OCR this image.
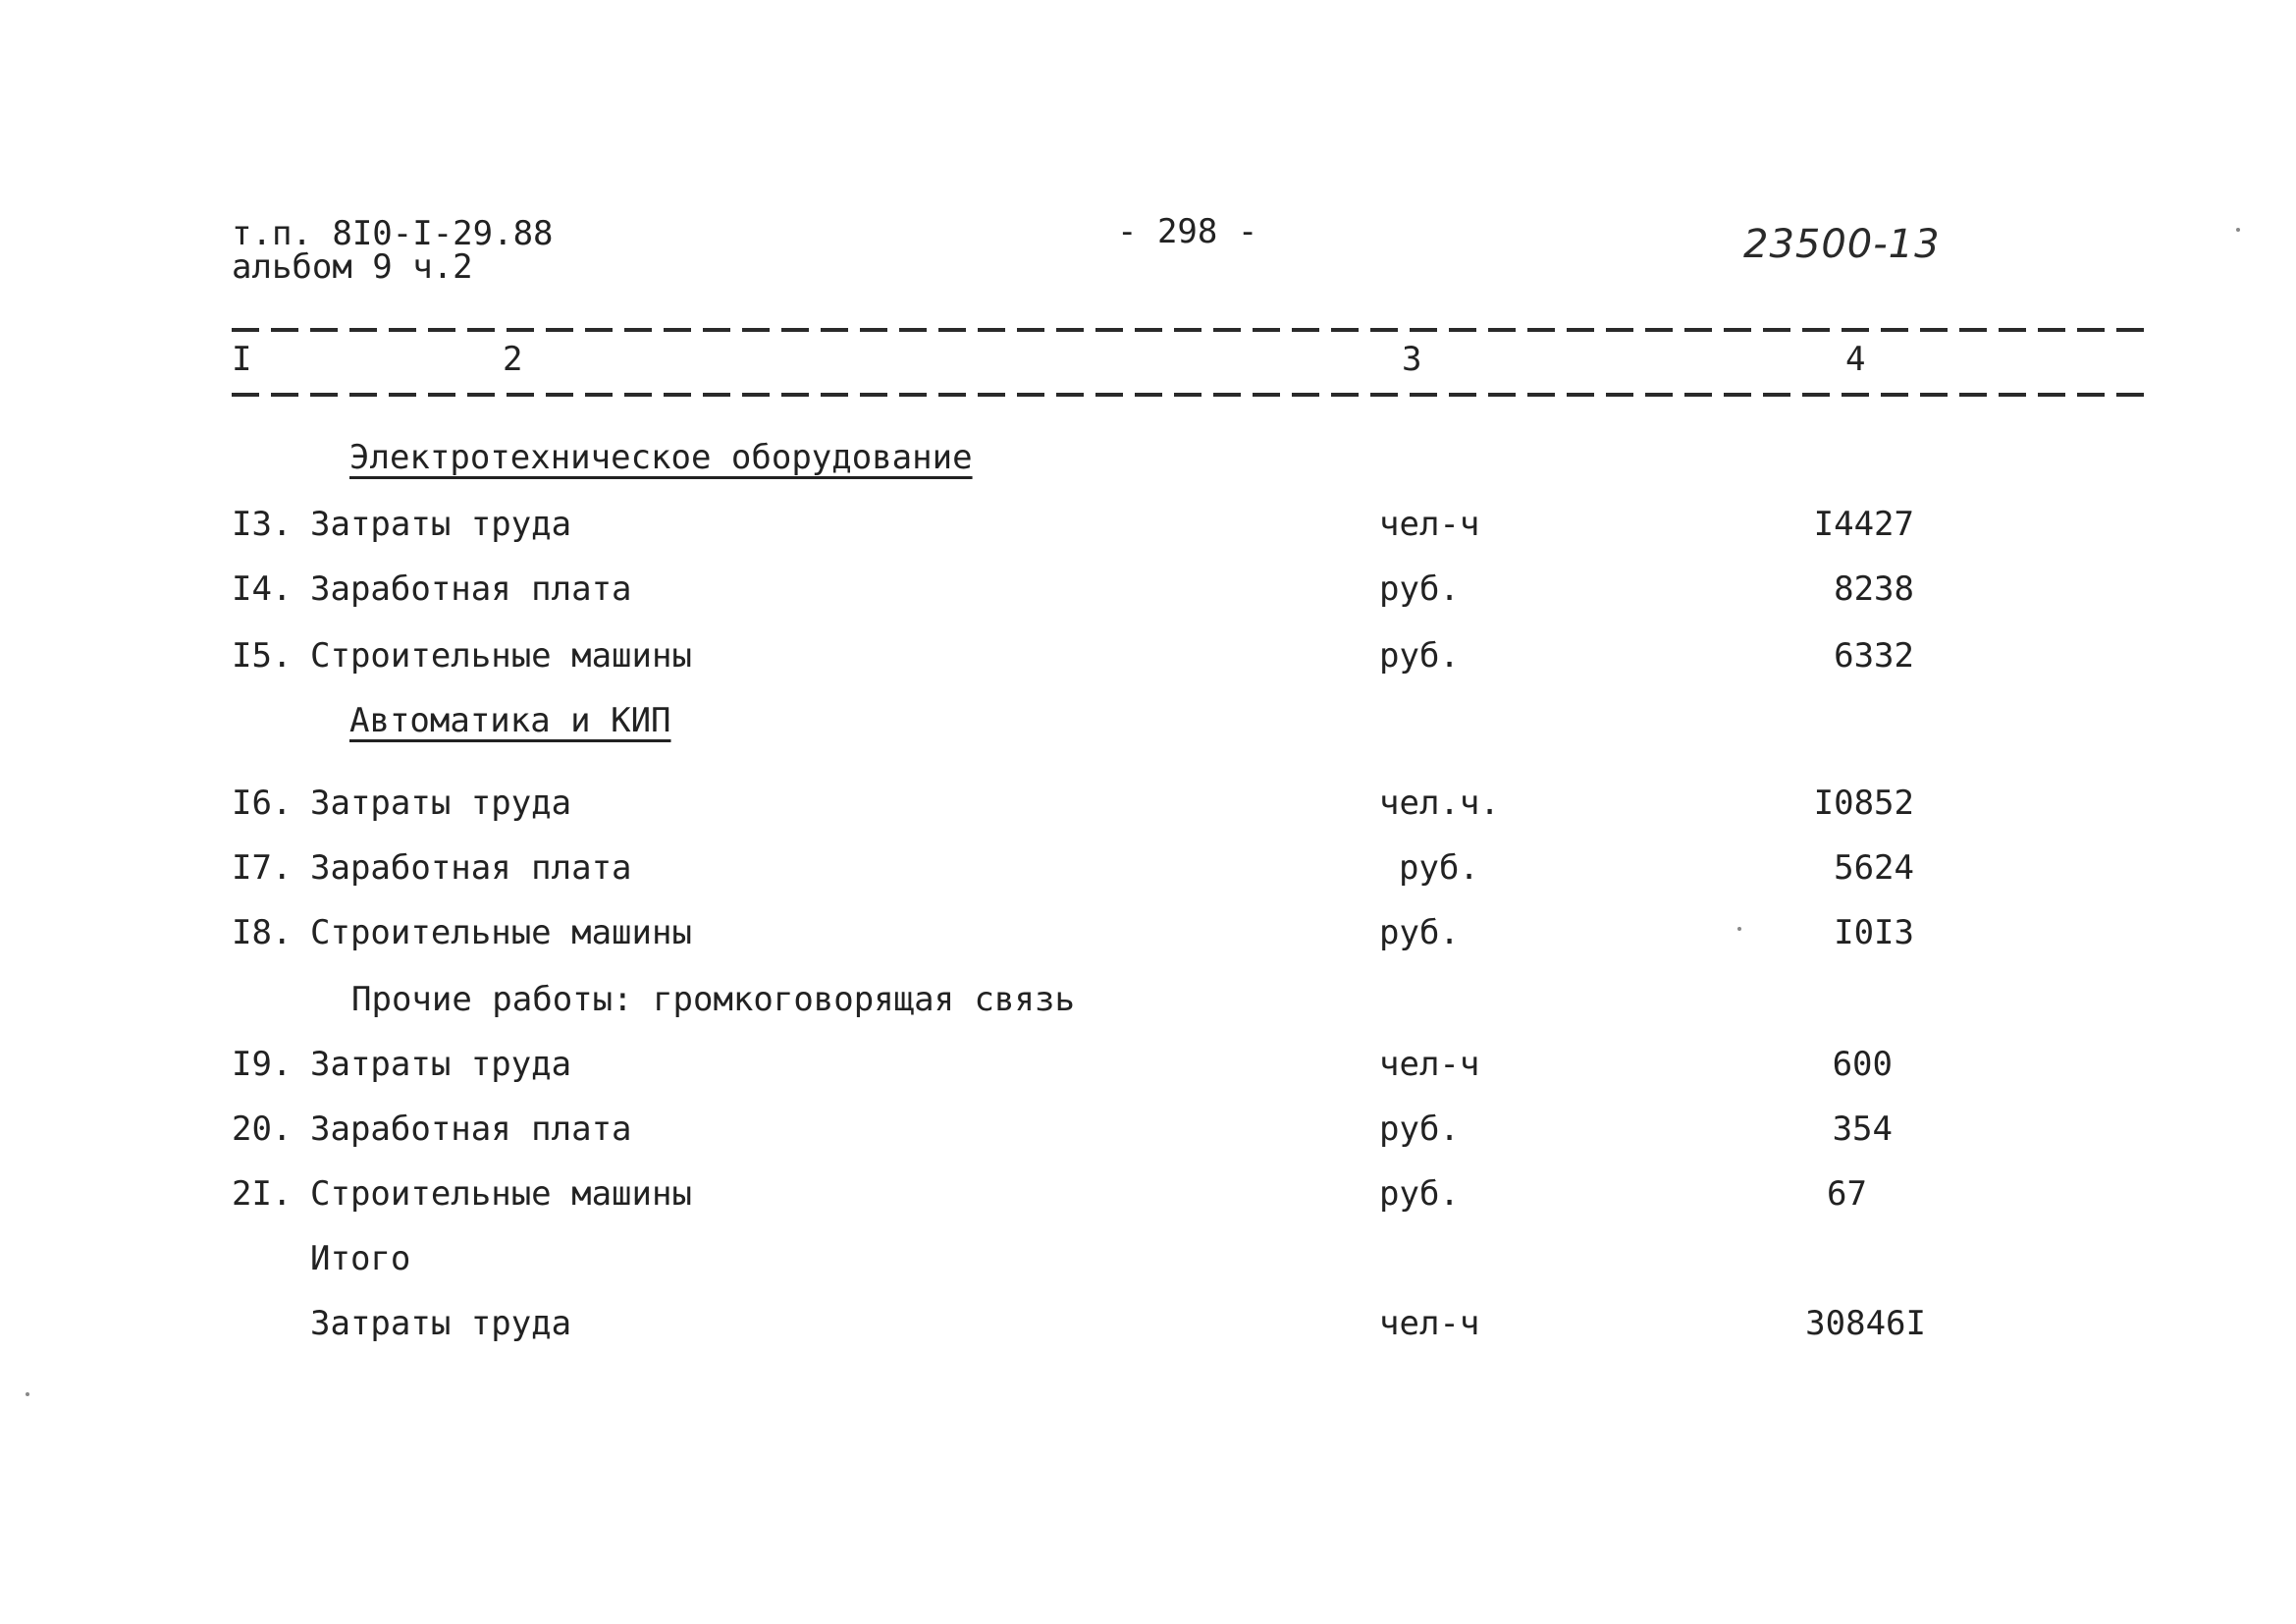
т.п. 8I0-I-29.88
альбом 9 ч.2
- 298 -	23500-13
I	2	3	4
Электротехническое оборудование
I3. Затраты труда	чел-ч	I4427
I4. Заработная плата	руб.	8238
I5. Строительные машины	руб.	6332
Автоматика и КИП
I6. Затраты труда	чел.ч.	I0852
I7. Заработная плата	руб.	5624
I8. Строительные машины	руб.	I0I3
Прочие работы: громкоговорящая связь
I9. Затраты труда	чел-ч	600
20. Заработная плата	руб.	354
2I. Строительные машины	руб.	67
Итого
Затраты труда	чел-ч	30846I
